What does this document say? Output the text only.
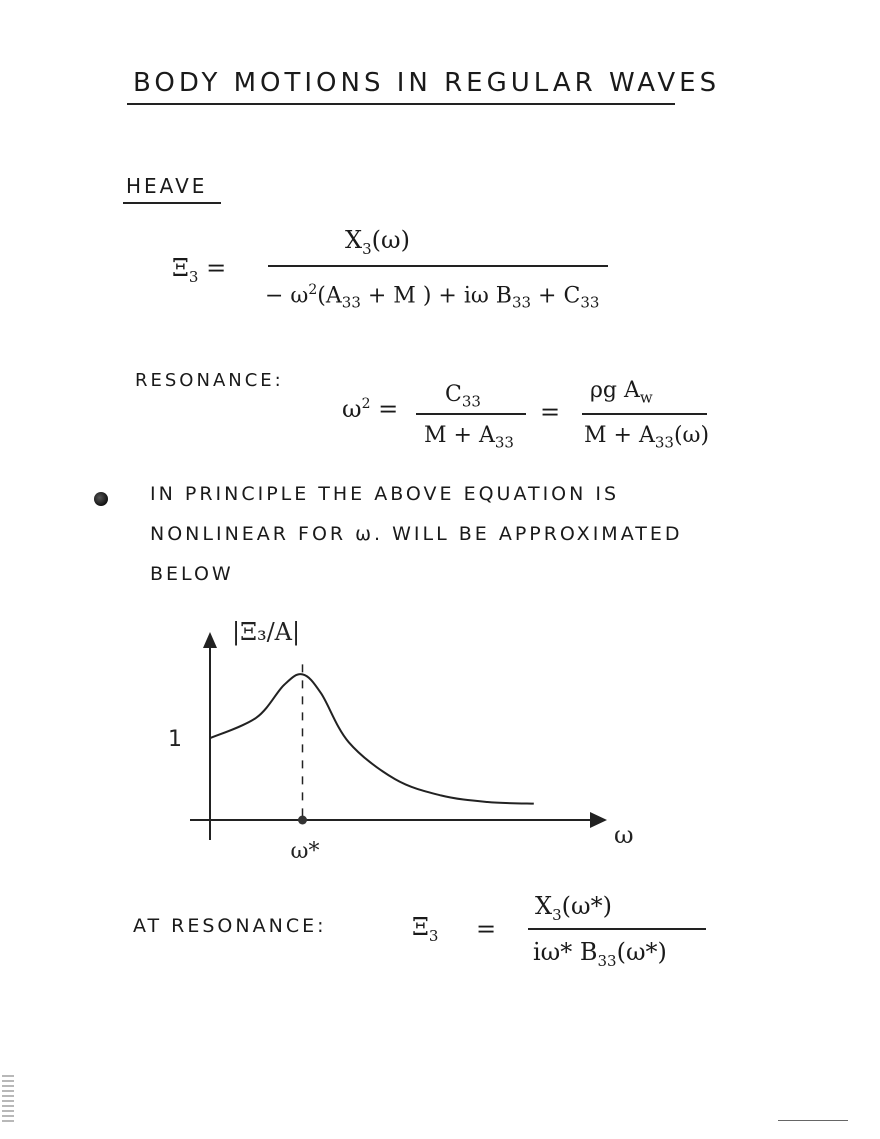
BODY MOTIONS IN REGULAR WAVES
HEAVE
$\Xi_3$ =
$X_3(\omega)$
− $\omega^2(A_{33} + M$ ) + iω $B_{33} + C_{33}$
RESONANCE:
$\omega^2$ =
$C_{33}$
$M + A_{33}$
=
ρg $A_w$
$M + A_{33}(\omega)$
IN PRINCIPLE THE ABOVE EQUATION IS
NONLINEAR FOR ω. WILL BE APPROXIMATED
BELOW
1
|Ξ₃/A|
ω
ω*
AT RESONANCE:	$\Xi_3$ =
$X_3(\omega*)$
iω* $B_{33}(\omega*)$
